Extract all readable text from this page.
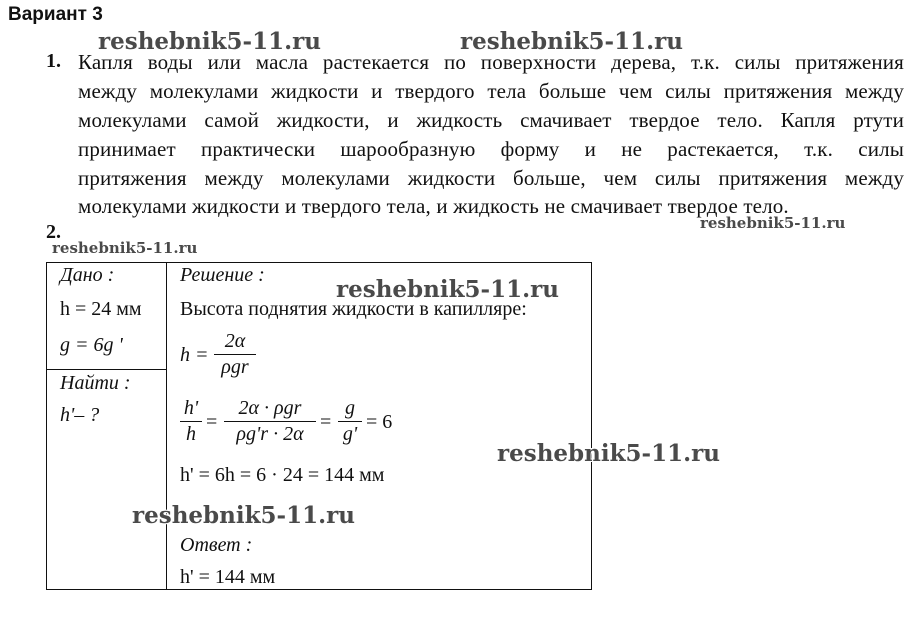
Вариант 3
1. Капля воды или масла растекается по поверхности дерева, т.к. силы притяжения
между молекулами жидкости и твердого тела больше чем силы притяжения между
молекулами самой жидкости, и жидкость смачивает твердое тело. Капля ртути
принимает практически шарообразную форму и не растекается, т.к. силы
притяжения между молекулами жидкости больше, чем силы притяжения между
молекулами жидкости и твердого тела, и жидкость не смачивает твердое тело.
2.
Дано :
h = 24 мм
g = 6g '
Найти :
h'– ?
Решение :
Высота поднятия жидкости в капилляре:
h =
2α
ρgr
h'
h
=
2α · ρgr
ρg'r · 2α
=
g
g'
= 6
h' = 6h = 6 · 24 = 144 мм
Ответ :
h' = 144 мм
reshebnik5-11.ru	reshebnik5-11.ru
reshebnik5-11.ru
reshebnik5-11.ru
reshebnik5-11.ru
reshebnik5-11.ru
reshebnik5-11.ru
